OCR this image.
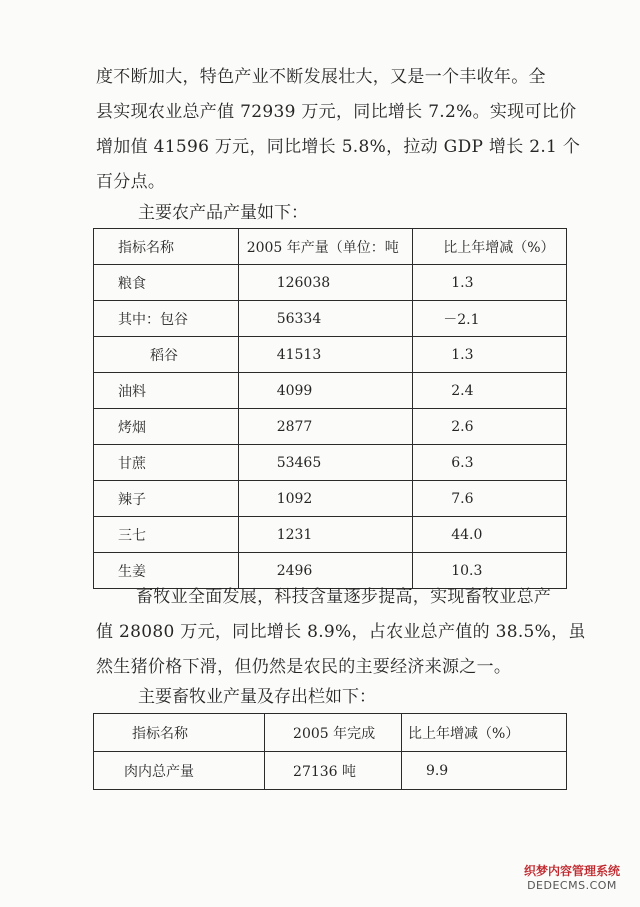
度不断加大，特色产业不断发展壮大，又是一个丰收年。全
县实现农业总产值 72939 万元，同比增长 7.2%。实现可比价
增加值 41596 万元，同比增长 5.8%，拉动 GDP 增长 2.1 个
百分点。

主要农产品产量如下：

指标名称	2005 年产量（单位：吨	比上年增减（%）
粮食	126038	1.3
其中：包谷	56334	－2.1
稻谷	41513	1.3
油料	4099	2.4
烤烟	2877	2.6
甘蔗	53465	6.3
辣子	1092	7.6
三七	1231	44.0
生姜	2496	10.3

畜牧业全面发展，科技含量逐步提高，实现畜牧业总产
值 28080 万元，同比增长 8.9%，占农业总产值的 38.5%，虽
然生猪价格下滑，但仍然是农民的主要经济来源之一。

主要畜牧业产量及存出栏如下：

指标名称	2005 年完成	比上年增减（%）
肉内总产量	27136 吨	9.9
织梦内容管理系统
DEDECMS.COM
